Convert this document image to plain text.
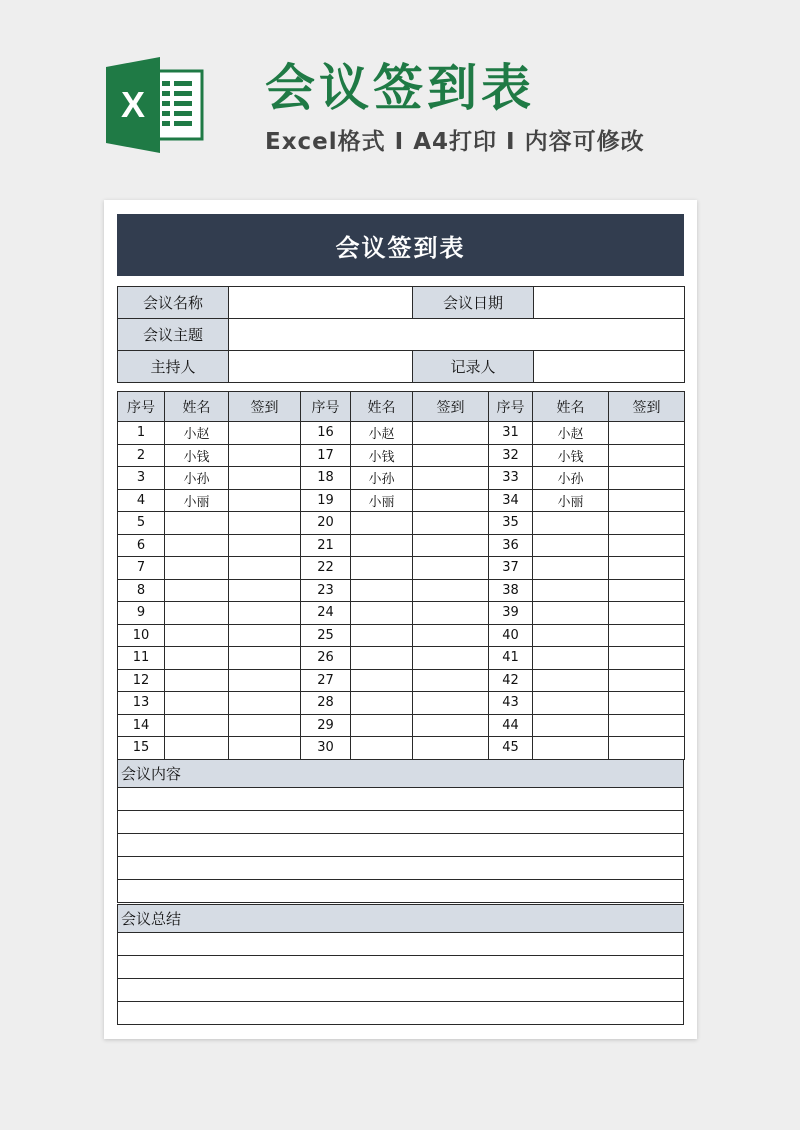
X 会议签到表
Excel格式 I A4打印 I 内容可修改
会议签到表
会议名称		会议日期	
会议主题			
主持人		记录人	
序号	姓名	签到	序号	姓名	签到	序号	姓名	签到
1	小赵		16	小赵		31	小赵	
2	小钱		17	小钱		32	小钱	
3	小孙		18	小孙		33	小孙	
4	小丽		19	小丽		34	小丽	
5			20			35		
6			21			36		
7			22			37		
8			23			38		
9			24			39		
10			25			40		
11			26			41		
12			27			42		
13			28			43		
14			29			44		
15			30			45		
会议内容

会议总结
